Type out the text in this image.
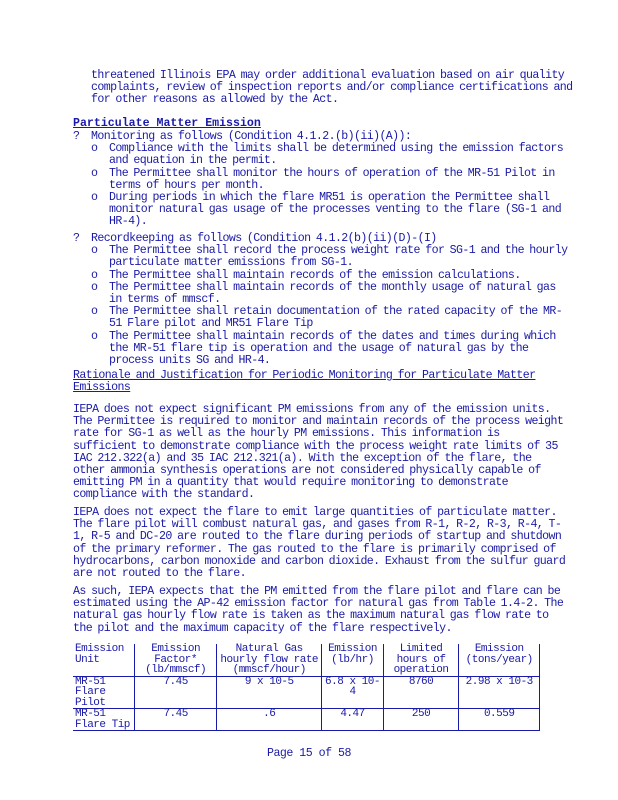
threatened Illinois EPA may order additional evaluation based on air quality complaints, review of inspection reports and/or compliance certifications and for other reasons as allowed by the Act.

Particulate Matter Emission
?	Monitoring as follows (Condition 4.1.2.(b)(ii)(A)):
o	Compliance with the limits shall be determined using the emission factors and equation in the permit.
o	The Permittee shall monitor the hours of operation of the MR-51 Pilot in terms of hours per month.
o	During periods in which the flare MR51 is operation the Permittee shall monitor natural gas usage of the processes venting to the flare (SG-1 and HR-4).
?	Recordkeeping as follows (Condition 4.1.2(b)(ii)(D)-(I)
o	The Permittee shall record the process weight rate for SG-1 and the hourly particulate matter emissions from SG-1.
o	The Permittee shall maintain records of the emission calculations.
o	The Permittee shall maintain records of the monthly usage of natural gas in terms of mmscf.
o	The Permittee shall retain documentation of the rated capacity of the MR-51 Flare pilot and MR51 Flare Tip
o	The Permittee shall maintain records of the dates and times during which the MR-51 flare tip is operation and the usage of natural gas by the process units SG and HR-4.
Rationale and Justification for Periodic Monitoring for Particulate Matter Emissions

IEPA does not expect significant PM emissions from any of the emission units. The Permittee is required to monitor and maintain records of the process weight rate for SG-1 as well as the hourly PM emissions. This information is sufficient to demonstrate compliance with the process weight rate limits of 35 IAC 212.322(a) and 35 IAC 212.321(a). With the exception of the flare, the other ammonia synthesis operations are not considered physically capable of emitting PM in a quantity that would require monitoring to demonstrate compliance with the standard.

IEPA does not expect the flare to emit large quantities of particulate matter. The flare pilot will combust natural gas, and gases from R-1, R-2, R-3, R-4, T-1, R-5 and DC-20 are routed to the flare during periods of startup and shutdown of the primary reformer. The gas routed to the flare is primarily comprised of hydrocarbons, carbon monoxide and carbon dioxide. Exhaust from the sulfur guard are not routed to the flare.

As such, IEPA expects that the PM emitted from the flare pilot and flare can be estimated using the AP-42 emission factor for natural gas from Table 1.4-2. The natural gas hourly flow rate is taken as the maximum natural gas flow rate to the pilot and the maximum capacity of the flare respectively.

Emission Unit	Emission Factor* (lb/mmscf)	Natural Gas hourly flow rate (mmscf/hour)	Emission (lb/hr)	Limited hours of operation	Emission (tons/year)
MR-51 Flare Pilot	7.45	9 x 10-5	6.8 x 10-4	8760	2.98 x 10-3
MR-51 Flare Tip	7.45	.6	4.47	250	0.559
Page 15 of 58
